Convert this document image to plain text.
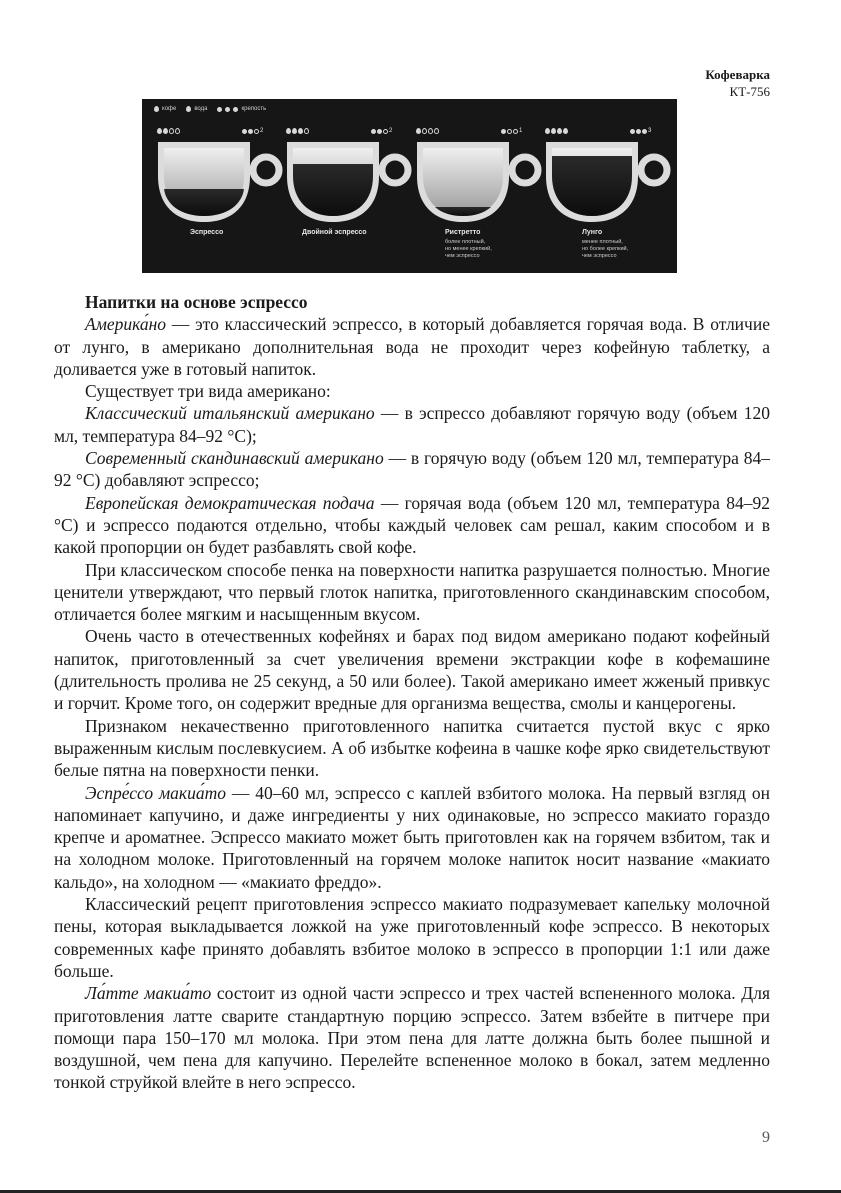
Кофеварка
КТ-756
кофе	вода	крепость
2
Эспрессо
2
Двойной эспрессо
1
Ристретто
более плотный,
но менее крепкий,
чем эспрессо
3
Лунго
менее плотный,
но более крепкий,
чем эспрессо

Напитки на основе эспрессо

Америка́но — это классический эспрессо, в который добавляется горячая вода. В отличие от лунго, в американо дополнительная вода не проходит через кофейную таблетку, а доливается уже в готовый напиток.

Существует три вида американо:

Классический итальянский американо — в эспрессо добавляют горячую воду (объем 120 мл, температура 84–92 °С);

Современный скандинавский американо — в горячую воду (объем 120 мл, температура 84–92 °С) добавляют эспрессо;

Европейская демократическая подача — горячая вода (объем 120 мл, температура 84–92 °С) и эспрессо подаются отдельно, чтобы каждый человек сам решал, каким способом и в какой пропорции он будет разбавлять свой кофе.

При классическом способе пенка на поверхности напитка разрушается полностью. Многие ценители утверждают, что первый глоток напитка, приготовленного скандинавским способом, отличается более мягким и насыщенным вкусом.

Очень часто в отечественных кофейнях и барах под видом американо подают кофейный напиток, приготовленный за счет увеличения времени экстракции кофе в кофемашине (длительность пролива не 25 секунд, а 50 или более). Такой американо имеет жженый привкус и горчит. Кроме того, он содержит вредные для организма вещества, смолы и канцерогены.

Признаком некачественно приготовленного напитка считается пустой вкус с ярко выраженным кислым послевкусием. А об избытке кофеина в чашке кофе ярко свидетельствуют белые пятна на поверхности пенки.

Эспре́ссо макиа́то — 40–60 мл, эспрессо с каплей взбитого молока. На первый взгляд он напоминает капучино, и даже ингредиенты у них одинаковые, но эспрессо макиато гораздо крепче и ароматнее. Эспрессо макиато может быть приготовлен как на горячем взбитом, так и на холодном молоке. Приготовленный на горячем молоке напиток носит название «макиато кальдо», на холодном — «макиато фреддо».

Классический рецепт приготовления эспрессо макиато подразумевает капельку молочной пены, которая выкладывается ложкой на уже приготовленный кофе эспрессо. В некоторых современных кафе принято добавлять взбитое молоко в эспрессо в пропорции 1:1 или даже больше.

Ла́тте макиа́то состоит из одной части эспрессо и трех частей вспененного молока. Для приготовления латте сварите стандартную порцию эспрессо. Затем взбейте в питчере при помощи пара 150–170 мл молока. При этом пена для латте должна быть более пышной и воздушной, чем пена для капучино. Перелейте вспененное молоко в бокал, затем медленно тонкой струйкой влейте в него эспрессо.

9
